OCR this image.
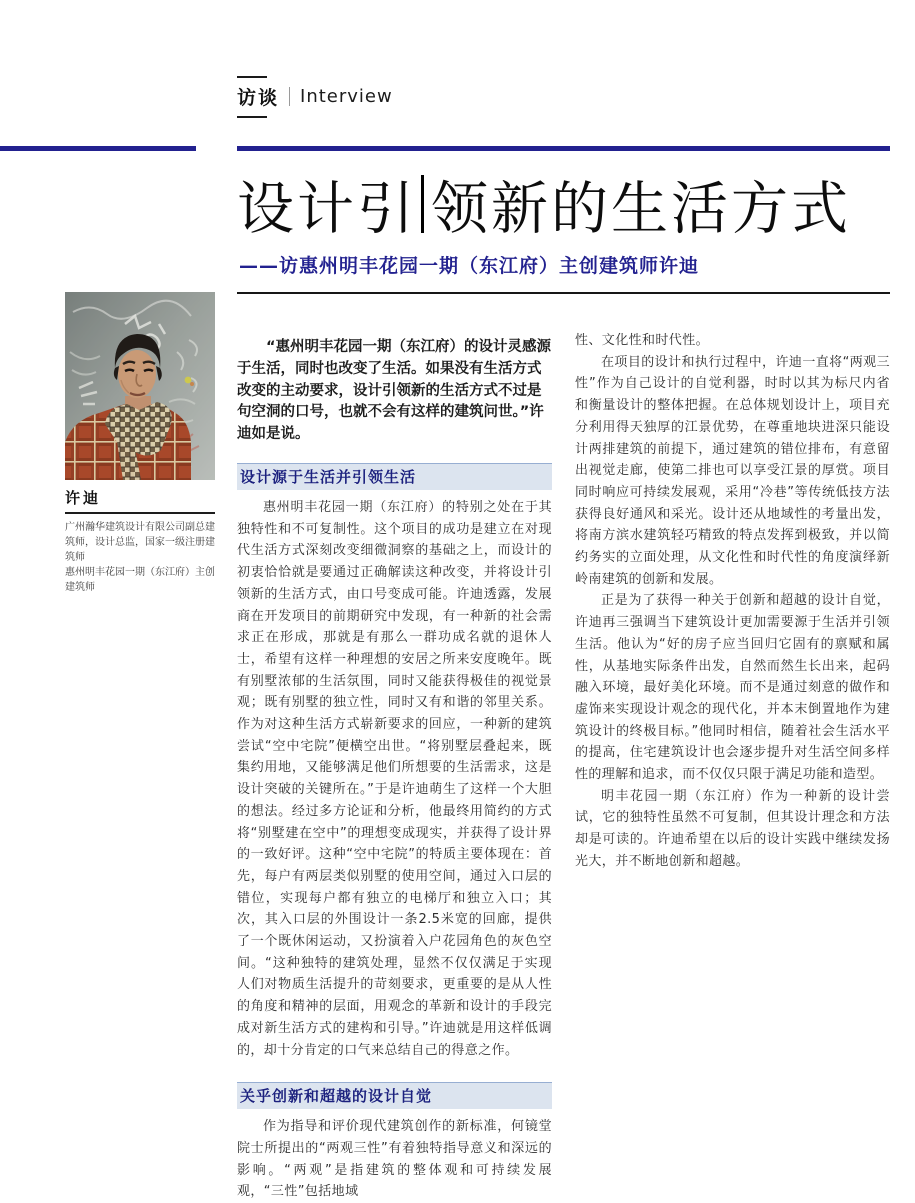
访谈 Interview
设计引 领新的生活方式
——访惠州明丰花园一期（东江府）主创建筑师许迪
许迪

广州瀚华建筑设计有限公司副总建筑师，设计总监，国家一级注册建筑师

惠州明丰花园一期（东江府）主创建筑师

“惠州明丰花园一期（东江府）的设计灵感源于生活，同时也改变了生活。如果没有生活方式改变的主动要求，设计引领新的生活方式不过是句空洞的口号，也就不会有这样的建筑问世。”许迪如是说。

设计源于生活并引领生活

惠州明丰花园一期（东江府）的特别之处在于其独特性和不可复制性。这个项目的成功是建立在对现代生活方式深刻改变细微洞察的基础之上，而设计的初衷恰恰就是要通过正确解读这种改变，并将设计引领新的生活方式，由口号变成可能。许迪透露，发展商在开发项目的前期研究中发现，有一种新的社会需求正在形成，那就是有那么一群功成名就的退休人士，希望有这样一种理想的安居之所来安度晚年。既有别墅浓郁的生活氛围，同时又能获得极佳的视觉景观；既有别墅的独立性，同时又有和谐的邻里关系。作为对这种生活方式崭新要求的回应，一种新的建筑尝试“空中宅院”便横空出世。“将别墅层叠起来，既集约用地，又能够满足他们所想要的生活需求，这是设计突破的关键所在。”于是许迪萌生了这样一个大胆的想法。经过多方论证和分析，他最终用简约的方式将“别墅建在空中”的理想变成现实，并获得了设计界的一致好评。这种“空中宅院”的特质主要体现在：首先，每户有两层类似别墅的使用空间，通过入口层的错位，实现每户都有独立的电梯厅和独立入口；其次，其入口层的外围设计一条2.5米宽的回廊，提供了一个既休闲运动，又扮演着入户花园角色的灰色空间。“这种独特的建筑处理，显然不仅仅满足于实现人们对物质生活提升的苛刻要求，更重要的是从人性的角度和精神的层面，用观念的革新和设计的手段完成对新生活方式的建构和引导。”许迪就是用这样低调的，却十分肯定的口气来总结自己的得意之作。

关乎创新和超越的设计自觉

作为指导和评价现代建筑创作的新标准，何镜堂院士所提出的“两观三性”有着独特指导意义和深远的影响。“两观”是指建筑的整体观和可持续发展观，“三性”包括地域

性、文化性和时代性。

在项目的设计和执行过程中，许迪一直将“两观三性”作为自己设计的自觉利器，时时以其为标尺内省和衡量设计的整体把握。在总体规划设计上，项目充分利用得天独厚的江景优势，在尊重地块进深只能设计两排建筑的前提下，通过建筑的错位排布，有意留出视觉走廊，使第二排也可以享受江景的厚赏。项目同时响应可持续发展观，采用“冷巷”等传统低技方法获得良好通风和采光。设计还从地域性的考量出发，将南方滨水建筑轻巧精致的特点发挥到极致，并以简约务实的立面处理，从文化性和时代性的角度演绎新岭南建筑的创新和发展。

正是为了获得一种关于创新和超越的设计自觉，许迪再三强调当下建筑设计更加需要源于生活并引领生活。他认为“好的房子应当回归它固有的禀赋和属性，从基地实际条件出发，自然而然生长出来，起码融入环境，最好美化环境。而不是通过刻意的做作和虚饰来实现设计观念的现代化，并本末倒置地作为建筑设计的终极目标。”他同时相信，随着社会生活水平的提高，住宅建筑设计也会逐步提升对生活空间多样性的理解和追求，而不仅仅只限于满足功能和造型。

明丰花园一期（东江府）作为一种新的设计尝试，它的独特性虽然不可复制，但其设计理念和方法却是可读的。许迪希望在以后的设计实践中继续发扬光大，并不断地创新和超越。
